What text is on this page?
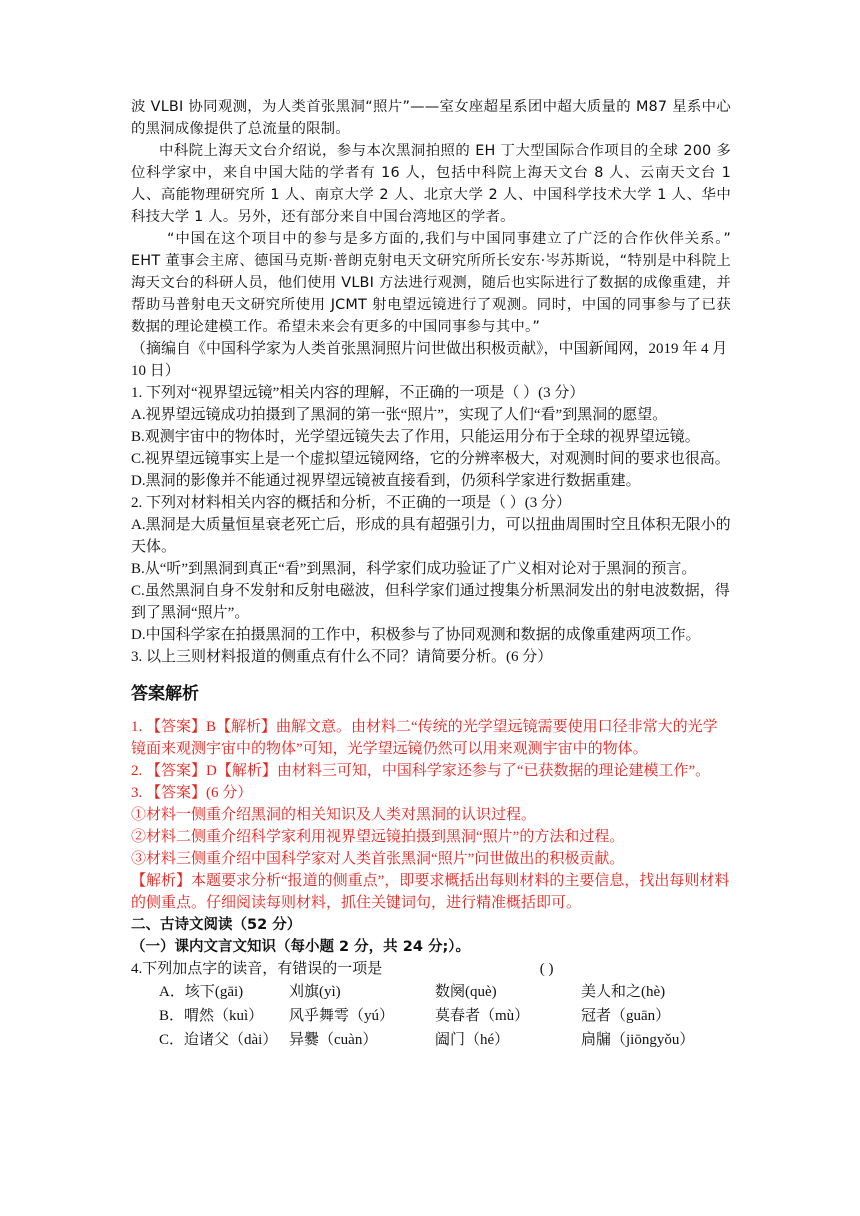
波 VLBI 协同观测，为人类首张黑洞“照片”——室女座超星系团中超大质量的 M87 星系中心的黑洞成像提供了总流量的限制。

中科院上海天文台介绍说，参与本次黑洞拍照的 EH 丁大型国际合作项目的全球 200 多位科学家中，来自中国大陆的学者有 16 人，包括中科院上海天文台 8 人、云南天文台 1 人、高能物理研究所 1 人、南京大学 2 人、北京大学 2 人、中国科学技术大学 1 人、华中科技大学 1 人。另外，还有部分来自中国台湾地区的学者。

“中国在这个项目中的参与是多方面的,我们与中国同事建立了广泛的合作伙伴关系。” EHT 董事会主席、德国马克斯·普朗克射电天文研究所所长安东·岑苏斯说，“特别是中科院上海天文台的科研人员，他们使用 VLBI 方法进行观测，随后也实际进行了数据的成像重建，并帮助马普射电天文研究所使用 JCMT 射电望远镜进行了观测。同时，中国的同事参与了已获数据的理论建模工作。希望未来会有更多的中国同事参与其中。”

（摘编自《中国科学家为人类首张黑洞照片问世做出积极贡献》，中国新闻网，2019 年 4 月 10 日）

1. 下列对“视界望远镜”相关内容的理解，不正确的一项是（ ）(3 分）

A.视界望远镜成功拍摄到了黑洞的第一张“照片”，实现了人们“看”到黑洞的愿望。

B.观测宇宙中的物体时，光学望远镜失去了作用，只能运用分布于全球的视界望远镜。

C.视界望远镜事实上是一个虚拟望远镜网络，它的分辨率极大，对观测时间的要求也很高。

D.黑洞的影像并不能通过视界望远镜被直接看到，仍须科学家进行数据重建。

2. 下列对材料相关内容的概括和分析，不正确的一项是（ ）(3 分）

A.黑洞是大质量恒星衰老死亡后，形成的具有超强引力，可以扭曲周围时空且体积无限小的天体。

B.从“听”到黑洞到真正“看”到黑洞，科学家们成功验证了广义相对论对于黑洞的预言。

C.虽然黑洞自身不发射和反射电磁波，但科学家们通过搜集分析黑洞发出的射电波数据，得到了黑洞“照片”。

D.中国科学家在拍摄黑洞的工作中，积极参与了协同观测和数据的成像重建两项工作。

3. 以上三则材料报道的侧重点有什么不同？请简要分析。(6 分）

答案解析

1. 【答案】B【解析】曲解文意。由材料二“传统的光学望远镜需要使用口径非常大的光学镜面来观测宇宙中的物体”可知，光学望远镜仍然可以用来观测宇宙中的物体。

2. 【答案】D【解析】由材料三可知，中国科学家还参与了“已获数据的理论建模工作”。

3. 【答案】(6 分）

①材料一侧重介绍黑洞的相关知识及人类对黑洞的认识过程。

②材料二侧重介绍科学家利用视界望远镜拍摄到黑洞“照片”的方法和过程。

③材料三侧重介绍中国科学家对人类首张黑洞“照片”问世做出的积极贡献。

【解析】本题要求分析“报道的侧重点”，即要求概括出每则材料的主要信息，找出每则材料的侧重点。仔细阅读每则材料，抓住关键词句，进行精准概括即可。

二、古诗文阅读（52 分）

（一）课内文言文知识（每小题 2 分，共 24 分;）。

4.下列加点字的读音，有错误的一项是	( )

A．垓下(gāi)	刈旗(yì)	数阕(què)	美人和之(hè)
B．喟然（kuì）	风乎舞雩（yú）	莫春者（mù）	冠者（guān）
C．迨诸父（dài） 异爨（cuàn）	阖门（hé）	扃牖（jiōngyǒu）
